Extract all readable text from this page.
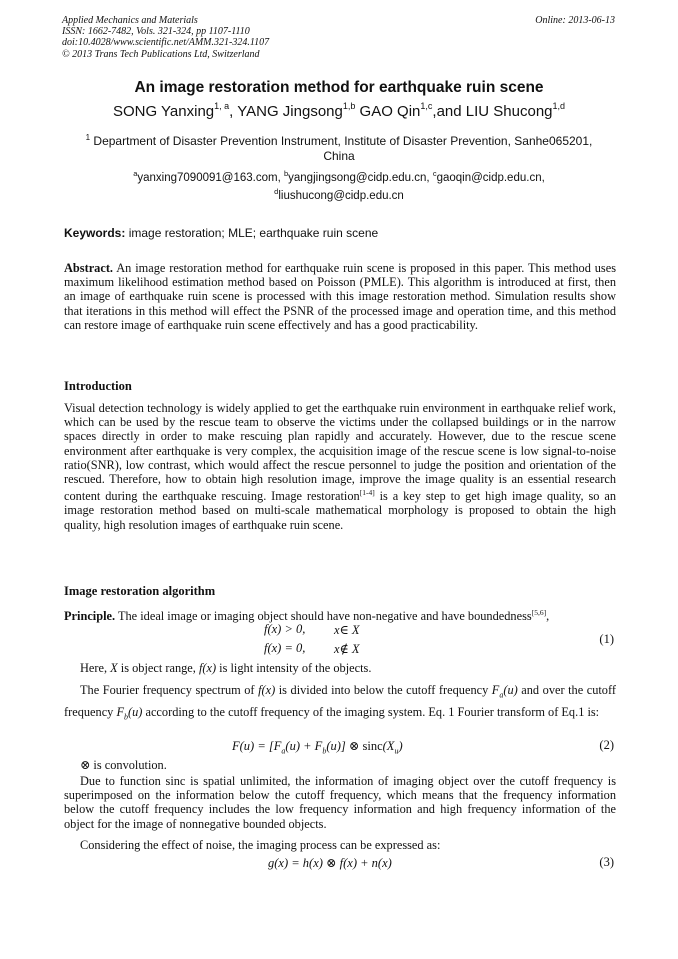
Applied Mechanics and Materials
ISSN: 1662-7482, Vols. 321-324, pp 1107-1110
doi:10.4028/www.scientific.net/AMM.321-324.1107
© 2013 Trans Tech Publications Ltd, Switzerland
Online: 2013-06-13
An image restoration method for earthquake ruin scene
SONG Yanxing$^{1, a}$, YANG Jingsong$^{1,b}$ GAO Qin$^{1,c}$,and LIU Shucong$^{1,d}$
$^1$ Department of Disaster Prevention Instrument, Institute of Disaster Prevention, Sanhe065201,
China
$^a$yanxing7090091@163.com, $^b$yangjingsong@cidp.edu.cn, $^c$gaoqin@cidp.edu.cn,
$^d$liushucong@cidp.edu.cn
Keywords: image restoration; MLE; earthquake ruin scene
Abstract. An image restoration method for earthquake ruin scene is proposed in this paper. This method uses maximum likelihood estimation method based on Poisson (PMLE). This algorithm is introduced at first, then an image of earthquake ruin scene is processed with this image restoration method. Simulation results show that iterations in this method will effect the PSNR of the processed image and operation time, and this method can restore image of earthquake ruin scene effectively and has a good practicability.
Introduction
Visual detection technology is widely applied to get the earthquake ruin environment in earthquake relief work, which can be used by the rescue team to observe the victims under the collapsed buildings or in the narrow spaces directly in order to make rescuing plan rapidly and accurately. However, due to the rescue scene environment after earthquake is very complex, the acquisition image of the rescue scene is low signal-to-noise ratio(SNR), low contrast, which would affect the rescue personnel to judge the position and orientation of the rescued. Therefore, how to obtain high resolution image, improve the image quality is an essential research content during the earthquake rescuing. Image restoration[1-4] is a key step to get high image quality, so an image restoration method based on multi-scale mathematical morphology is proposed to obtain the high quality, high resolution images of earthquake ruin scene.
Image restoration algorithm
Principle. The ideal image or imaging object should have non-negative and have boundedness[5,6],
f(x) > 0, x∈ X
f(x) = 0, x∉ X
(1)
Here, X is object range, f(x) is light intensity of the objects.
The Fourier frequency spectrum of f(x) is divided into below the cutoff frequency $F_a(u)$ and over the cutoff frequency $F_b(u)$ according to the cutoff frequency of the imaging system. Eq. 1 Fourier transform of Eq.1 is:
$F(u) = [F_a(u) + F_b(u)]$ ⊗ $\sin c(X_u)$	(2)
⊗ is convolution.
Due to function sinc is spatial unlimited, the information of imaging object over the cutoff frequency is superimposed on the information below the cutoff frequency, which means that the frequency information below the cutoff frequency includes the low frequency information and high frequency information of the object for the image of nonnegative bounded objects.
Considering the effect of noise, the imaging process can be expressed as:
g(x) = h(x) ⊗ f(x) + n(x)	(3)
